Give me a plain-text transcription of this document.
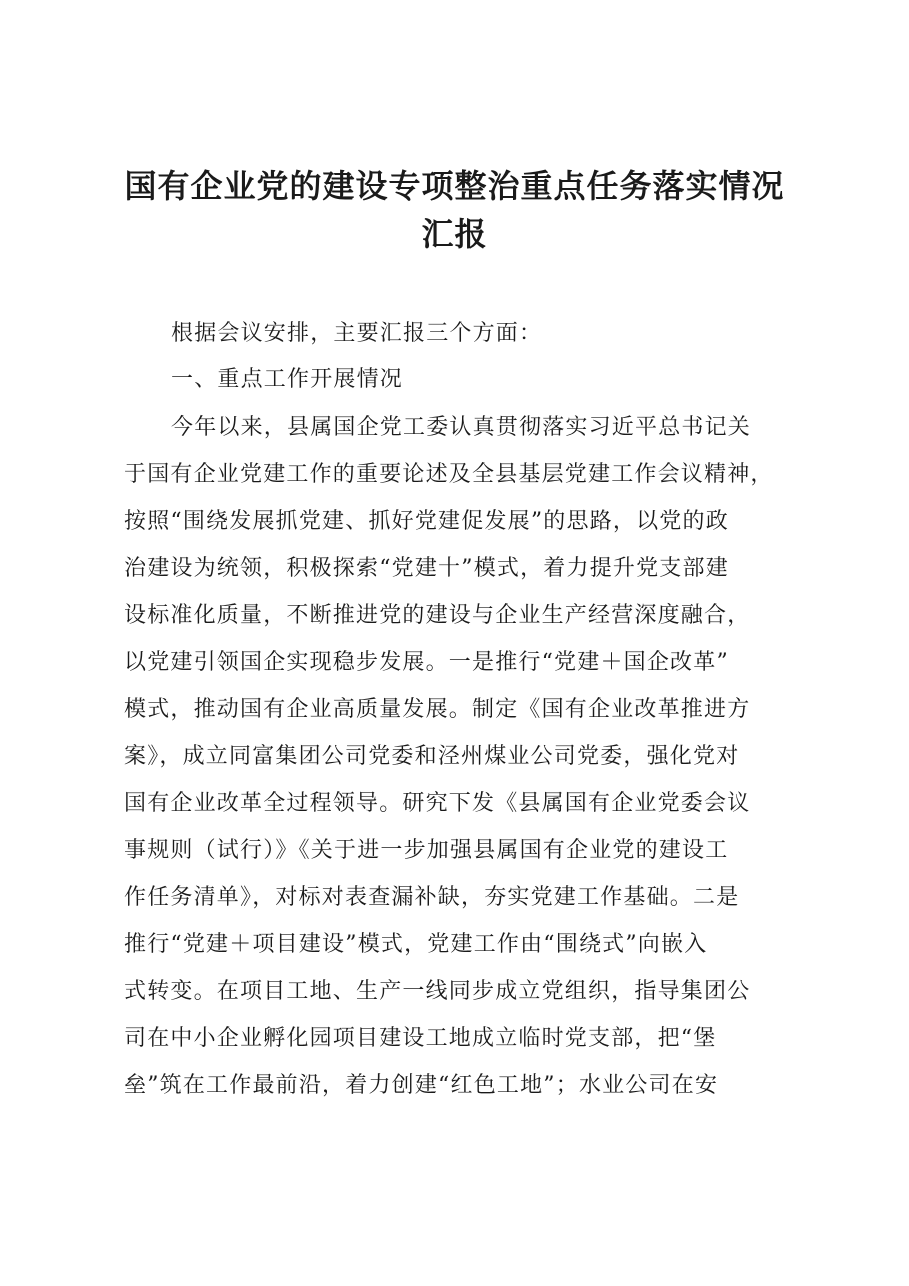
国有企业党的建设专项整治重点任务落实情况
汇报
根据会议安排，主要汇报三个方面：
一、重点工作开展情况
今年以来，县属国企党工委认真贯彻落实习近平总书记关
于国有企业党建工作的重要论述及全县基层党建工作会议精神，
按照“围绕发展抓党建、抓好党建促发展”的思路，以党的政
治建设为统领，积极探索“党建十”模式，着力提升党支部建
设标准化质量，不断推进党的建设与企业生产经营深度融合，
以党建引领国企实现稳步发展。一是推行“党建＋国企改革”
模式，推动国有企业高质量发展。制定《国有企业改革推进方
案》，成立同富集团公司党委和泾州煤业公司党委，强化党对
国有企业改革全过程领导。研究下发《县属国有企业党委会议
事规则（试行）》《关于进一步加强县属国有企业党的建设工
作任务清单》，对标对表查漏补缺，夯实党建工作基础。二是
推行“党建＋项目建设”模式，党建工作由“围绕式”向嵌入
式转变。在项目工地、生产一线同步成立党组织，指导集团公
司在中小企业孵化园项目建设工地成立临时党支部，把“堡
垒”筑在工作最前沿，着力创建“红色工地”；水业公司在安
